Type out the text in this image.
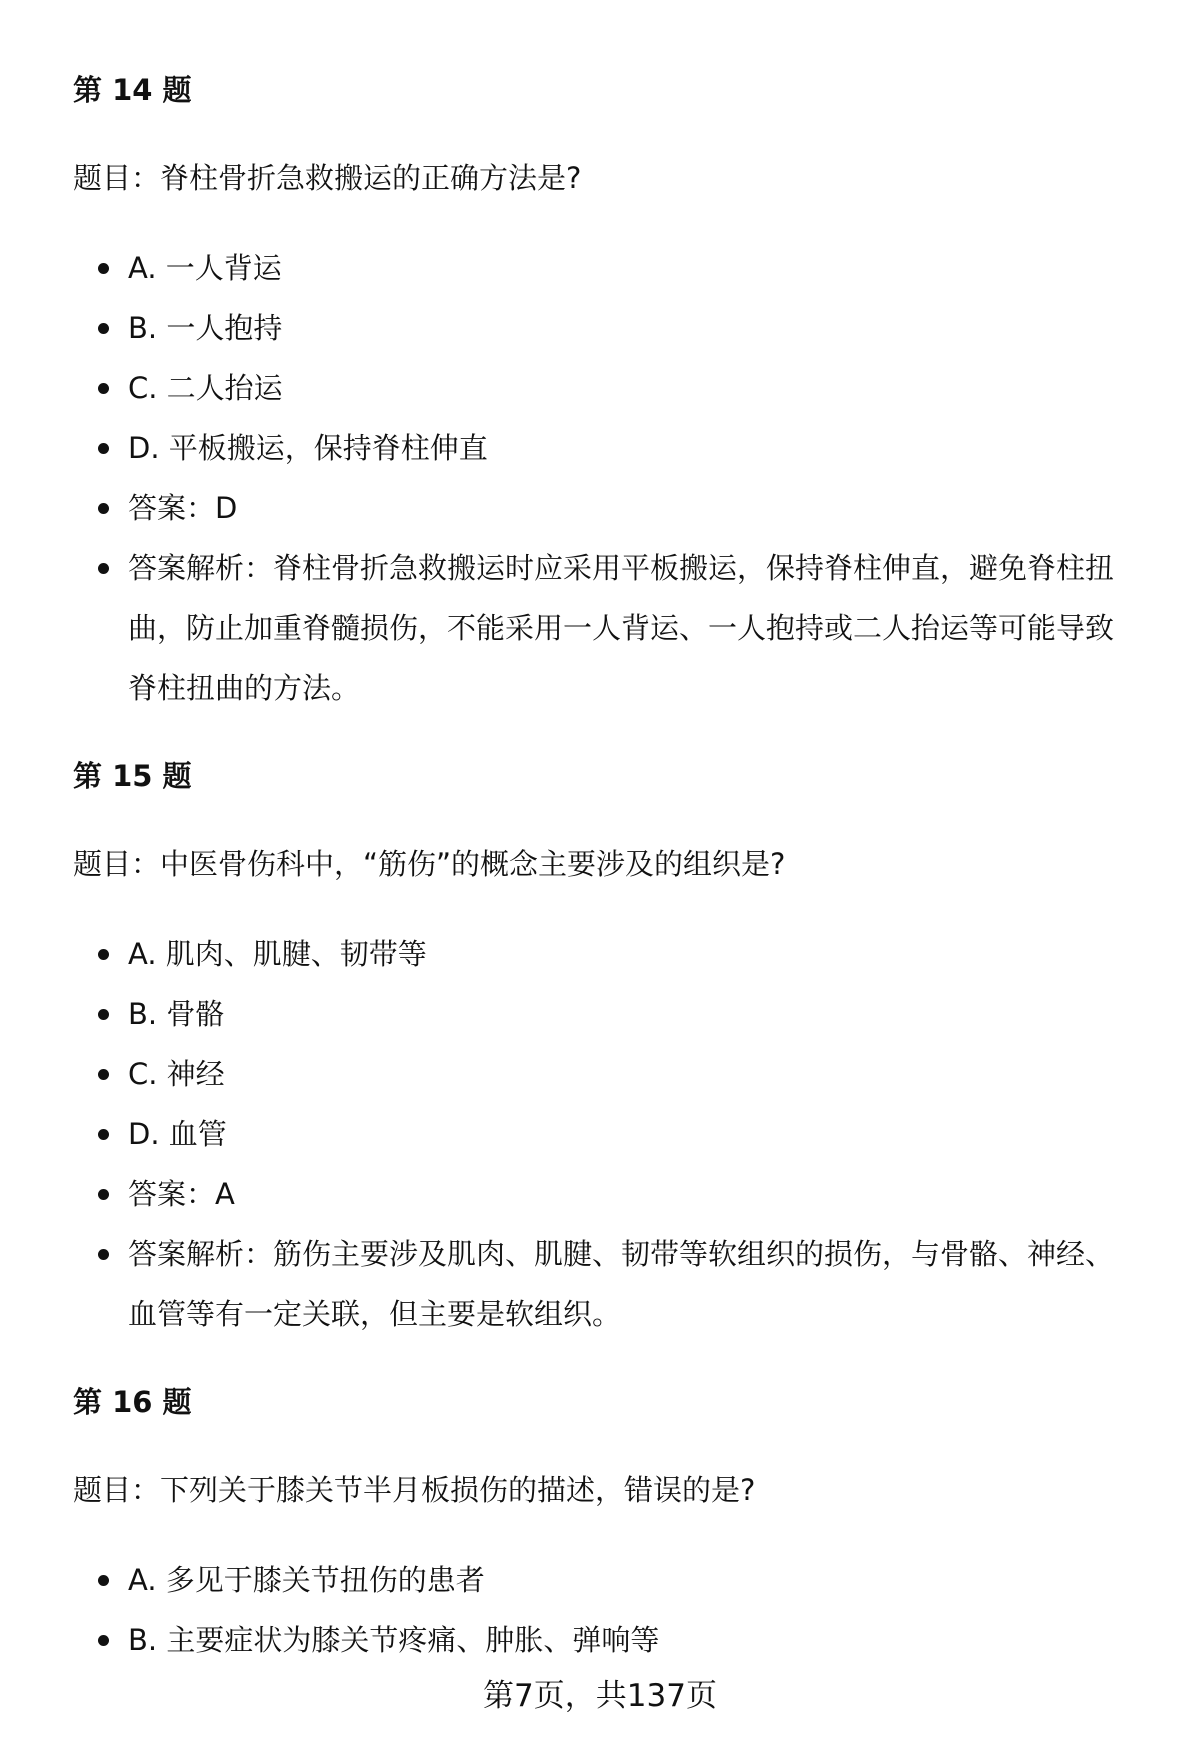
第 14 题

题目：脊柱骨折急救搬运的正确方法是?

A. 一人背运
B. 一人抱持
C. 二人抬运
D. 平板搬运，保持脊柱伸直
答案：D
答案解析：脊柱骨折急救搬运时应采用平板搬运，保持脊柱伸直，避免脊柱扭曲，防止加重脊髓损伤，不能采用一人背运、一人抱持或二人抬运等可能导致脊柱扭曲的方法。
第 15 题

题目：中医骨伤科中，“筋伤”的概念主要涉及的组织是?

A. 肌肉、肌腱、韧带等
B. 骨骼
C. 神经
D. 血管
答案：A
答案解析：筋伤主要涉及肌肉、肌腱、韧带等软组织的损伤，与骨骼、神经、血管等有一定关联，但主要是软组织。
第 16 题

题目：下列关于膝关节半月板损伤的描述，错误的是?

A. 多见于膝关节扭伤的患者
B. 主要症状为膝关节疼痛、肿胀、弹响等
第7页，共137页
